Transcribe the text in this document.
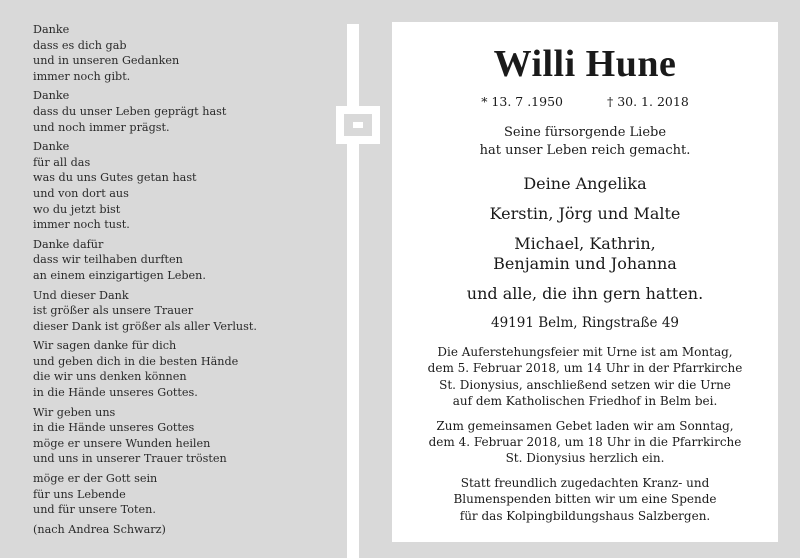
Danke
dass es dich gab
und in unseren Gedanken
immer noch gibt.
Danke
dass du unser Leben geprägt hast
und noch immer prägst.
Danke
für all das
was du uns Gutes getan hast
und von dort aus
wo du jetzt bist
immer noch tust.
Danke dafür
dass wir teilhaben durften
an einem einzigartigen Leben.
Und dieser Dank
ist größer als unsere Trauer
dieser Dank ist größer als aller Verlust.
Wir sagen danke für dich
und geben dich in die besten Hände
die wir uns denken können
in die Hände unseres Gottes.
Wir geben uns
in die Hände unseres Gottes
möge er unsere Wunden heilen
und uns in unserer Trauer trösten
möge er der Gott sein
für uns Lebende
und für unsere Toten.
(nach Andrea Schwarz)
Willi Hune
* 13. 7 .1950	† 30. 1. 2018
Seine fürsorgende Liebe
hat unser Leben reich gemacht.
Deine Angelika
Kerstin, Jörg und Malte
Michael, Kathrin,
Benjamin und Johanna
und alle, die ihn gern hatten.
49191 Belm, Ringstraße 49
Die Auferstehungsfeier mit Urne ist am Montag,
dem 5. Februar 2018, um 14 Uhr in der Pfarrkirche
St. Dionysius, anschließend setzen wir die Urne
auf dem Katholischen Friedhof in Belm bei.
Zum gemeinsamen Gebet laden wir am Sonntag,
dem 4. Februar 2018, um 18 Uhr in die Pfarrkirche
St. Dionysius herzlich ein.
Statt freundlich zugedachten Kranz- und
Blumenspenden bitten wir um eine Spende
für das Kolpingbildungshaus Salzbergen.
